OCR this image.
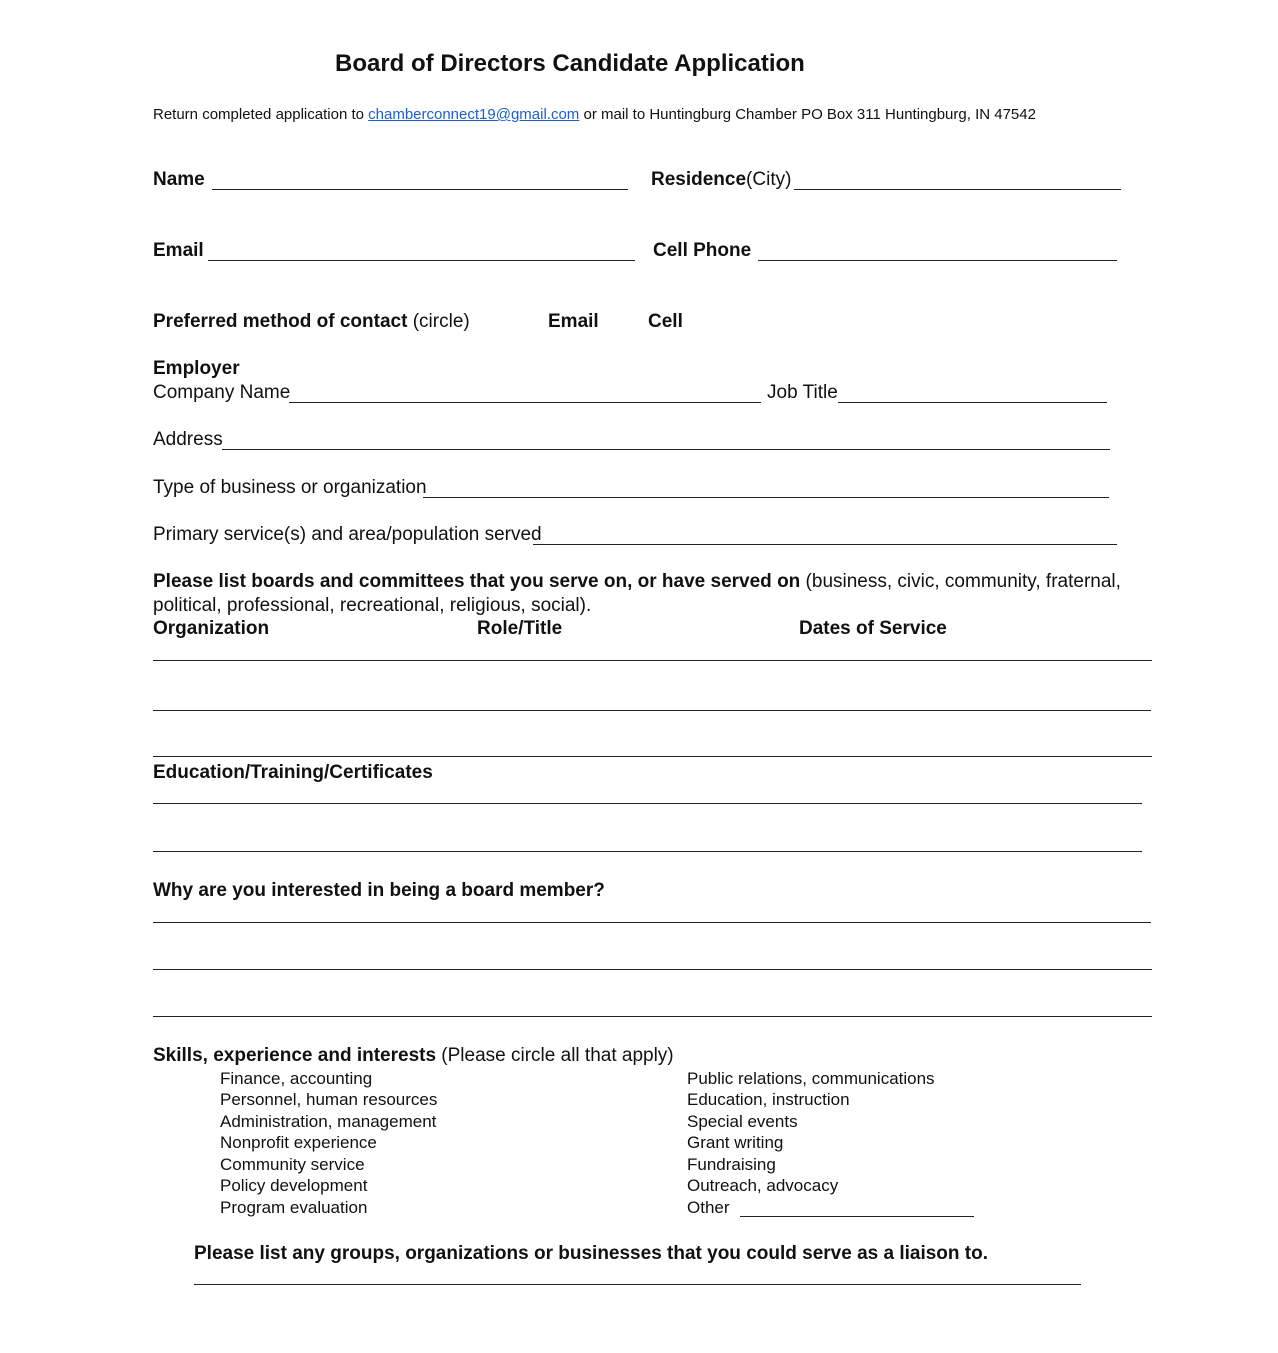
Board of Directors Candidate Application
Return completed application to chamberconnect19@gmail.com or mail to Huntingburg Chamber PO Box 311 Huntingburg, IN 47542
Name	Residence(City)
Email	Cell Phone
Preferred method of contact (circle)	Email	Cell
Employer
Company Name	Job Title
Address
Type of business or organization
Primary service(s) and area/population served
Please list boards and committees that you serve on, or have served on (business, civic, community, fraternal,
political, professional, recreational, religious, social).
Organization	Role/Title	Dates of Service
Education/Training/Certificates
Why are you interested in being a board member?
Skills, experience and interests (Please circle all that apply)
Finance, accounting
Personnel, human resources
Administration, management
Nonprofit experience
Community service
Policy development
Program evaluation
Public relations, communications
Education, instruction
Special events
Grant writing
Fundraising
Outreach, advocacy
Other
Please list any groups, organizations or businesses that you could serve as a liaison to.
